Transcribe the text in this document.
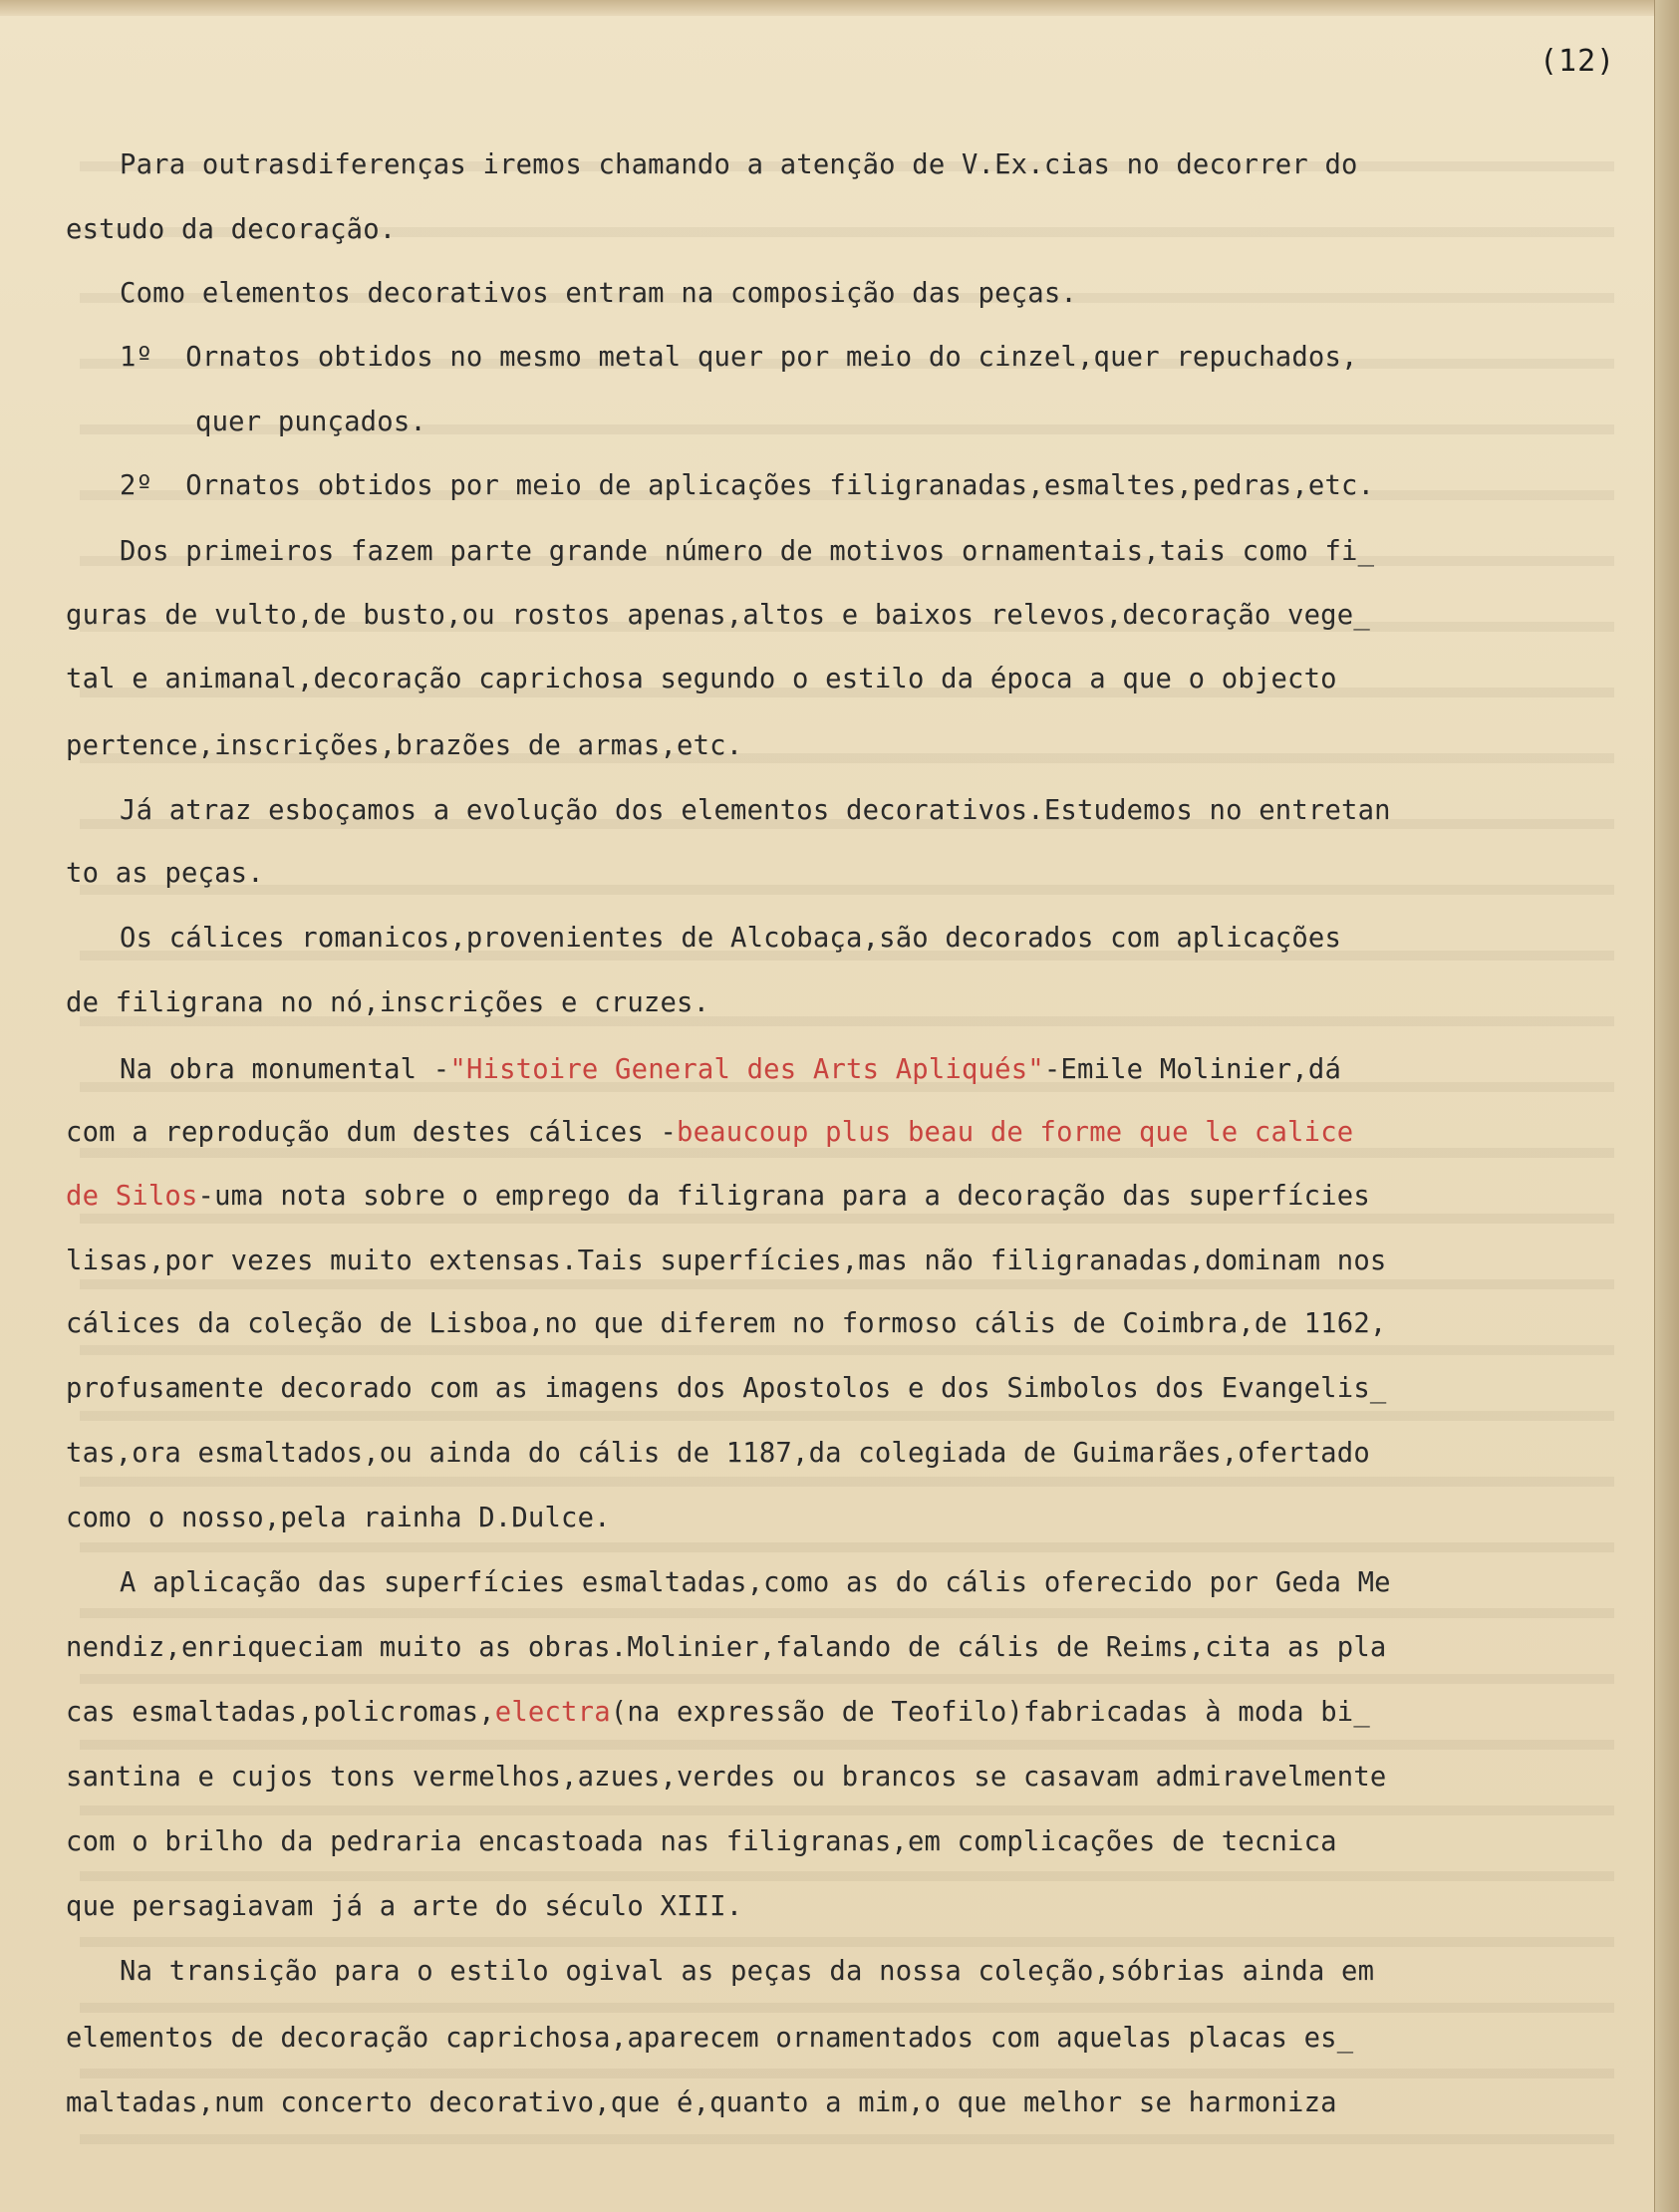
(12)
Para outrasdiferenças iremos chamando a atenção de V.Ex.cias no decorrer do
estudo da decoração.
Como elementos decorativos entram na composição das peças.
1º  Ornatos obtidos no mesmo metal quer por meio do cinzel,quer repuchados,
quer punçados.
2º  Ornatos obtidos por meio de aplicações filigranadas,esmaltes,pedras,etc.
Dos primeiros fazem parte grande número de motivos ornamentais,tais como fi_
guras de vulto,de busto,ou rostos apenas,altos e baixos relevos,decoração vege_
tal e animanal,decoração caprichosa segundo o estilo da época a que o objecto
pertence,inscrições,brazões de armas,etc.
Já atraz esboçamos a evolução dos elementos decorativos.Estudemos no entretan
to as peças.
Os cálices romanicos,provenientes de Alcobaça,são decorados com aplicações
de filigrana no nó,inscrições e cruzes.
Na obra monumental -"Histoire General des Arts Apliqués"-Emile Molinier,dá
com a reprodução dum destes cálices -beaucoup plus beau de forme que le calice
de Silos-uma nota sobre o emprego da filigrana para a decoração das superfícies
lisas,por vezes muito extensas.Tais superfícies,mas não filigranadas,dominam nos
cálices da coleção de Lisboa,no que diferem no formoso cális de Coimbra,de 1162,
profusamente decorado com as imagens dos Apostolos e dos Simbolos dos Evangelis_
tas,ora esmaltados,ou ainda do cális de 1187,da colegiada de Guimarães,ofertado
como o nosso,pela rainha D.Dulce.
A aplicação das superfícies esmaltadas,como as do cális oferecido por Geda Me
nendiz,enriqueciam muito as obras.Molinier,falando de cális de Reims,cita as pla
cas esmaltadas,policromas,electra(na expressão de Teofilo)fabricadas à moda bi_
santina e cujos tons vermelhos,azues,verdes ou brancos se casavam admiravelmente
com o brilho da pedraria encastoada nas filigranas,em complicações de tecnica
que persagiavam já a arte do século XIII.
Na transição para o estilo ogival as peças da nossa coleção,sóbrias ainda em
elementos de decoração caprichosa,aparecem ornamentados com aquelas placas es_
maltadas,num concerto decorativo,que é,quanto a mim,o que melhor se harmoniza
